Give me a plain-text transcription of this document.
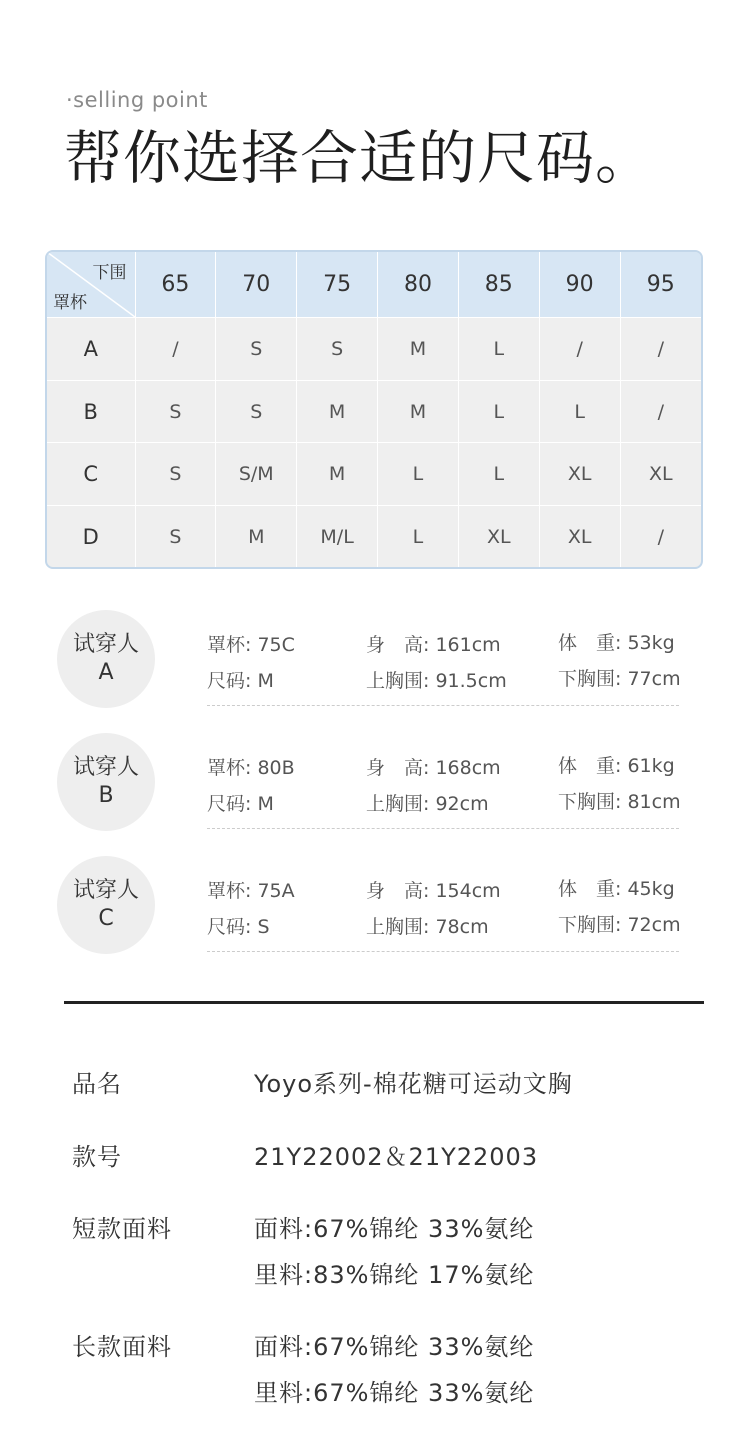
·selling point
帮你选择合适的尺码。
下围
罩杯	65	70	75	80	85	90	95
A	/	S	S	M	L	/	/
B	S	S	M	M	L	L	/
C	S	S/M	M	L	L	XL	XL
D	S	M	M/L	L	XL	XL	/
试穿人
A
罩杯: 75C
尺码: M
身　高: 161cm
上胸围: 91.5cm
体　重: 53kg
下胸围: 77cm
试穿人
B
罩杯: 80B
尺码: M
身　高: 168cm
上胸围: 92cm
体　重: 61kg
下胸围: 81cm
试穿人
C
罩杯: 75A
尺码: S
身　高: 154cm
上胸围: 78cm
体　重: 45kg
下胸围: 72cm
品名	Yoyo系列-棉花糖可运动文胸
款号	21Y22002＆21Y22003
短款面料	面料:67%锦纶 33%氨纶
里料:83%锦纶 17%氨纶
长款面料	面料:67%锦纶 33%氨纶
里料:67%锦纶 33%氨纶
